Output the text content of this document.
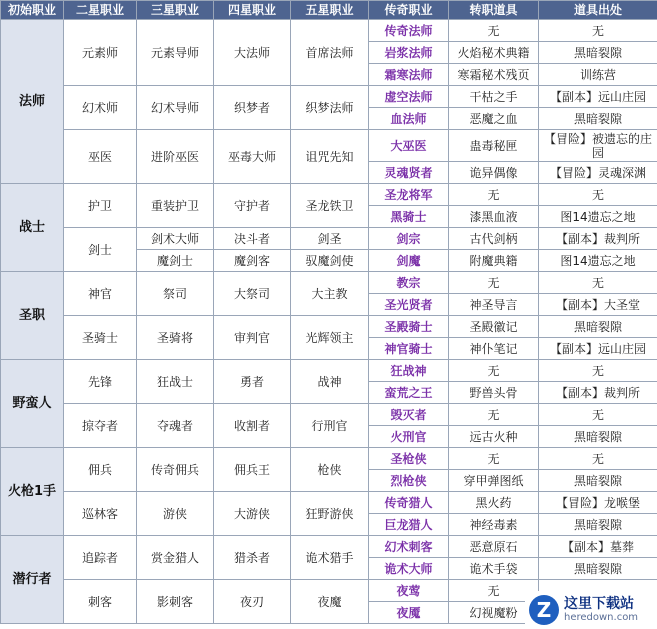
初始职业	二星职业	三星职业	四星职业	五星职业	传奇职业	转职道具	道具出处
法师	元素师	元素导师	大法师	首席法师	传奇法师	无	无
					岩浆法师	火焰秘术典籍	黑暗裂隙
					霜寒法师	寒霜秘术残页	训练营
	幻术师	幻术导师	织梦者	织梦法师	虚空法师	干枯之手	【副本】远山庄园
					血法师	恶魔之血	黑暗裂隙
	巫医	进阶巫医	巫毒大师	诅咒先知	大巫医	蛊毒秘匣	【冒险】被遗忘的庄园
					灵魂贤者	诡异偶像	【冒险】灵魂深渊
战士	护卫	重装护卫	守护者	圣龙铁卫	圣龙将军	无	无
					黑骑士	漆黑血液	图14遗忘之地
	剑士	剑术大师	决斗者	剑圣	剑宗	古代剑柄	【副本】裁判所
		魔剑士	魔剑客	驭魔剑使	剑魔	附魔典籍	图14遗忘之地
圣职	神官	祭司	大祭司	大主教	教宗	无	无
					圣光贤者	神圣导言	【副本】大圣堂
	圣骑士	圣骑将	审判官	光辉领主	圣殿骑士	圣殿徽记	黑暗裂隙
					神官骑士	神仆笔记	【副本】远山庄园
野蛮人	先锋	狂战士	勇者	战神	狂战神	无	无
					蛮荒之王	野兽头骨	【副本】裁判所
	掠夺者	夺魂者	收割者	行刑官	毁灭者	无	无
					火刑官	远古火种	黑暗裂隙
火枪1手	佣兵	传奇佣兵	佣兵王	枪侠	圣枪侠	无	无
					烈枪侠	穿甲弹图纸	黑暗裂隙
	巡林客	游侠	大游侠	狂野游侠	传奇猎人	黑火药	【冒险】龙喉堡
					巨龙猎人	神经毒素	黑暗裂隙
潜行者	追踪者	赏金猎人	猎杀者	诡术猎手	幻术刺客	恶意原石	【副本】墓葬
					诡术大师	诡术手袋	黑暗裂隙
	刺客	影刺客	夜刃	夜魔	夜莺	无	
					夜魇	幻视魔粉	Z 这里下载站
heredown.com
